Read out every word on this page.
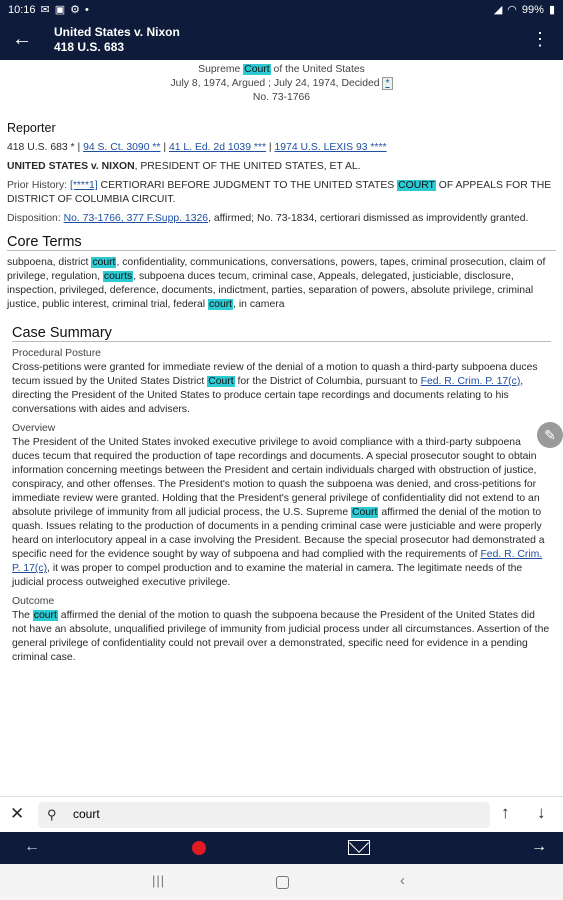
10:16 ✉ ▣ ⚙ •	◢ ◠ 99% ▮
← United States v. Nixon
418 U.S. 683	⋮
Supreme Court of the United States
July 8, 1974, Argued ; July 24, 1974, Decided *
No. 73-1766
Reporter
418 U.S. 683 * | 94 S. Ct. 3090 ** | 41 L. Ed. 2d 1039 *** | 1974 U.S. LEXIS 93 ****
UNITED STATES v. NIXON, PRESIDENT OF THE UNITED STATES, ET AL.
Prior History: [****1] CERTIORARI BEFORE JUDGMENT TO THE UNITED STATES COURT OF APPEALS FOR THE DISTRICT OF COLUMBIA CIRCUIT.
Disposition: No. 73-1766, 377 F.Supp. 1326, affirmed; No. 73-1834, certiorari dismissed as improvidently granted.
Core Terms
subpoena, district court, confidentiality, communications, conversations, powers, tapes, criminal prosecution, claim of privilege, regulation, courts, subpoena duces tecum, criminal case, Appeals, delegated, justiciable, disclosure, inspection, privileged, deference, documents, indictment, parties, separation of powers, absolute privilege, criminal justice, public interest, criminal trial, federal court, in camera
Case Summary
Procedural Posture
Cross-petitions were granted for immediate review of the denial of a motion to quash a third-party subpoena duces tecum issued by the United States District Court for the District of Columbia, pursuant to Fed. R. Crim. P. 17(c), directing the President of the United States to produce certain tape recordings and documents relating to his conversations with aides and advisers.
Overview
The President of the United States invoked executive privilege to avoid compliance with a third-party subpoena duces tecum that required the production of tape recordings and documents. A special prosecutor sought to obtain information concerning meetings between the President and certain individuals charged with obstruction of justice, conspiracy, and other offenses. The President's motion to quash the subpoena was denied, and cross-petitions for immediate review were granted. Holding that the President's general privilege of confidentiality did not extend to an absolute privilege of immunity from all judicial process, the U.S. Supreme Court affirmed the denial of the motion to quash. Issues relating to the production of documents in a pending criminal case were justiciable and were properly heard on interlocutory appeal in a case involving the President. Because the special prosecutor had demonstrated a specific need for the evidence sought by way of subpoena and had complied with the requirements of Fed. R. Crim. P. 17(c), it was proper to compel production and to examine the material in camera. The legitimate needs of the judicial process outweighed executive privilege.
Outcome
The court affirmed the denial of the motion to quash the subpoena because the President of the United States did not have an absolute, unqualified privilege of immunity from judicial process under all circumstances. Assertion of the general privilege of confidentiality could not prevail over a demonstrated, specific need for evidence in a pending criminal case.
✎
✕ ⚲
court	↑ ↓
←	→
|||	‹
